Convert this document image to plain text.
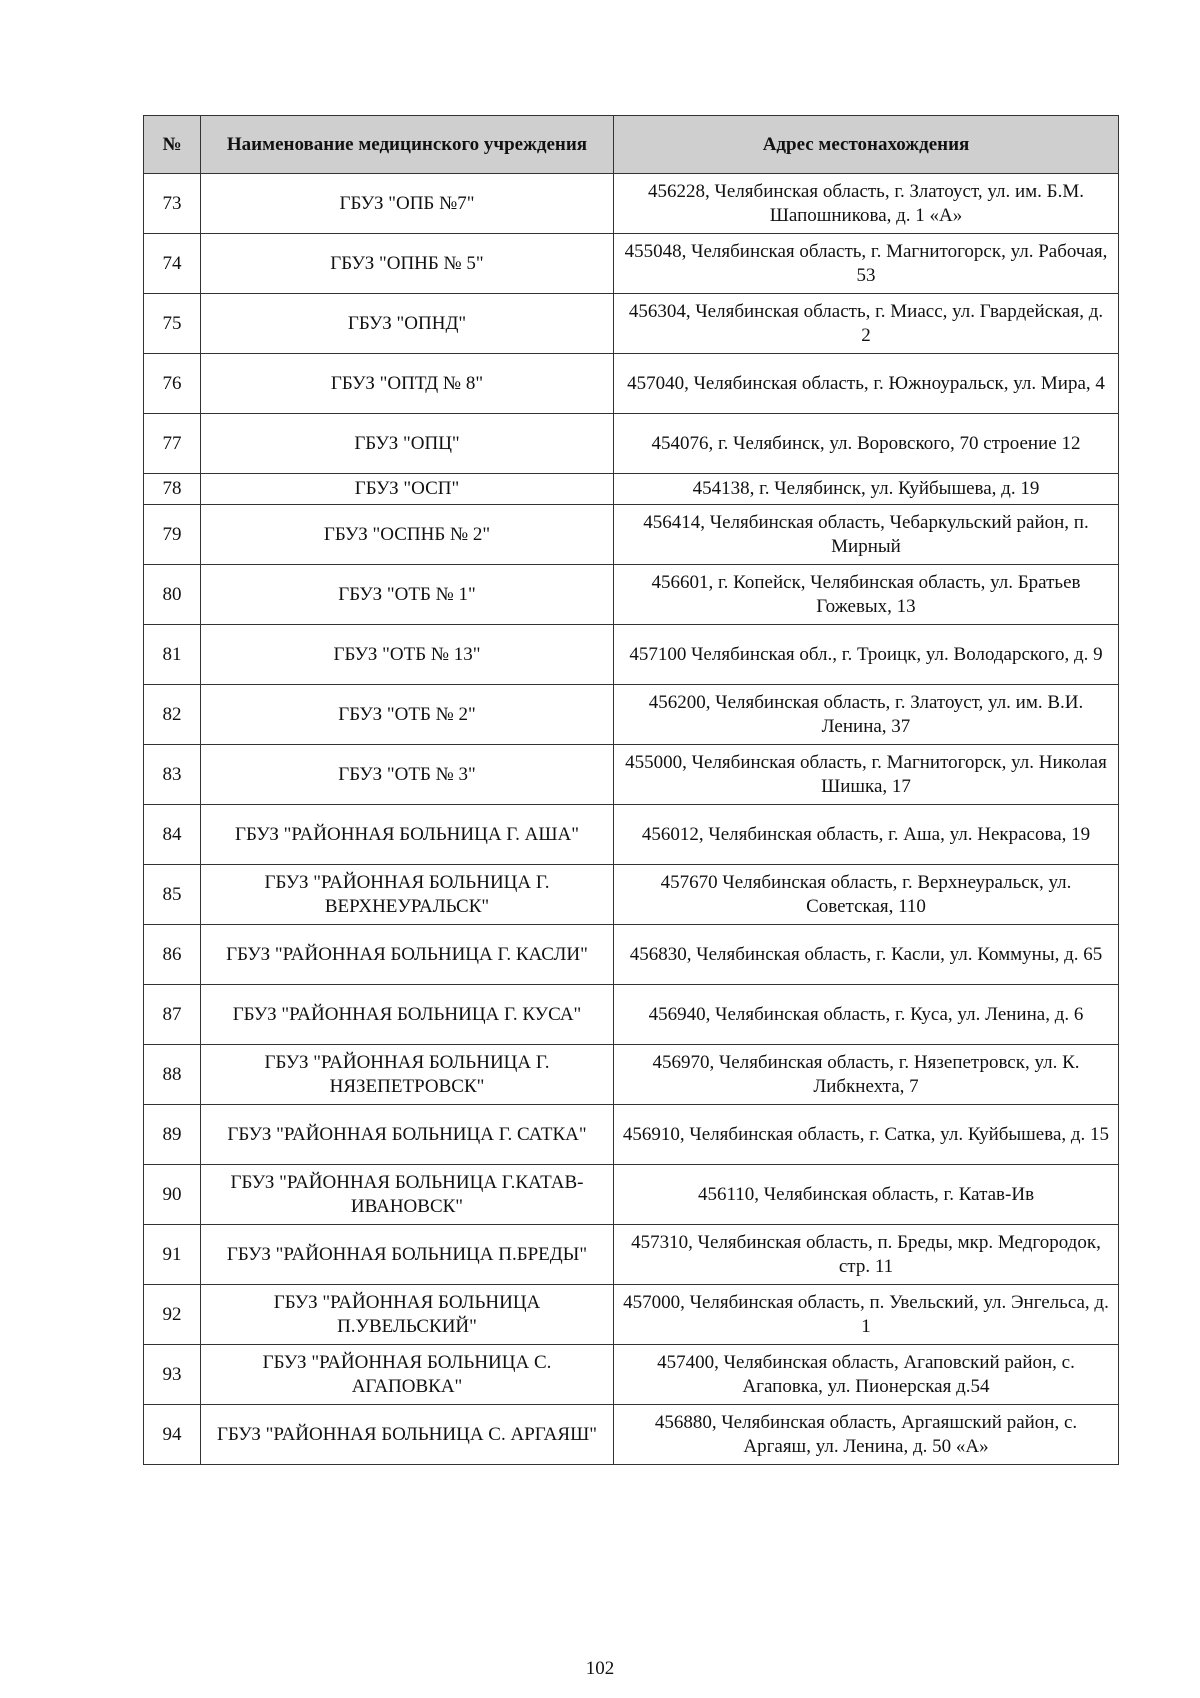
№	Наименование медицинского учреждения	Адрес местонахождения
73	ГБУЗ "ОПБ №7"	456228, Челябинская область, г. Златоуст, ул. им. Б.М. Шапошникова, д. 1 «А»
74	ГБУЗ "ОПНБ № 5"	455048, Челябинская область, г. Магнитогорск, ул. Рабочая, 53
75	ГБУЗ "ОПНД"	456304, Челябинская область, г. Миасс, ул. Гвардейская, д. 2
76	ГБУЗ "ОПТД № 8"	457040, Челябинская область, г. Южноуральск, ул. Мира, 4
77	ГБУЗ "ОПЦ"	454076, г. Челябинск, ул. Воровского, 70 строение 12
78	ГБУЗ "ОСП"	454138, г. Челябинск, ул. Куйбышева, д. 19
79	ГБУЗ "ОСПНБ № 2"	456414, Челябинская область, Чебаркульский район, п. Мирный
80	ГБУЗ "ОТБ № 1"	456601, г. Копейск, Челябинская область, ул. Братьев Гожевых, 13
81	ГБУЗ "ОТБ № 13"	457100 Челябинская обл., г. Троицк, ул. Володарского, д. 9
82	ГБУЗ "ОТБ № 2"	456200, Челябинская область, г. Златоуст, ул. им. В.И. Ленина, 37
83	ГБУЗ "ОТБ № 3"	455000, Челябинская область, г. Магнитогорск, ул. Николая Шишка, 17
84	ГБУЗ "РАЙОННАЯ БОЛЬНИЦА Г. АША"	456012, Челябинская область, г. Аша, ул. Некрасова, 19
85	ГБУЗ "РАЙОННАЯ БОЛЬНИЦА Г. ВЕРХНЕУРАЛЬСК"	457670 Челябинская область, г. Верхнеуральск, ул. Советская, 110
86	ГБУЗ "РАЙОННАЯ БОЛЬНИЦА Г. КАСЛИ"	456830, Челябинская область, г. Касли, ул. Коммуны, д. 65
87	ГБУЗ "РАЙОННАЯ БОЛЬНИЦА Г. КУСА"	456940, Челябинская область, г. Куса, ул. Ленина, д. 6
88	ГБУЗ "РАЙОННАЯ БОЛЬНИЦА Г. НЯЗЕПЕТРОВСК"	456970, Челябинская область, г. Нязепетровск, ул. К. Либкнехта, 7
89	ГБУЗ "РАЙОННАЯ БОЛЬНИЦА Г. САТКА"	456910, Челябинская область, г. Сатка, ул. Куйбышева, д. 15
90	ГБУЗ "РАЙОННАЯ БОЛЬНИЦА Г.КАТАВ-ИВАНОВСК"	456110, Челябинская область, г. Катав-Ив
91	ГБУЗ "РАЙОННАЯ БОЛЬНИЦА П.БРЕДЫ"	457310, Челябинская область, п. Бреды, мкр. Медгородок, стр. 11
92	ГБУЗ "РАЙОННАЯ БОЛЬНИЦА П.УВЕЛЬСКИЙ"	457000, Челябинская область, п. Увельский, ул. Энгельса, д. 1
93	ГБУЗ "РАЙОННАЯ БОЛЬНИЦА С. АГАПОВКА"	457400, Челябинская область, Агаповский район, с. Агаповка, ул. Пионерская д.54
94	ГБУЗ "РАЙОННАЯ БОЛЬНИЦА С. АРГАЯШ"	456880, Челябинская область, Аргаяшский район, с. Аргаяш, ул. Ленина, д. 50 «А»
102
